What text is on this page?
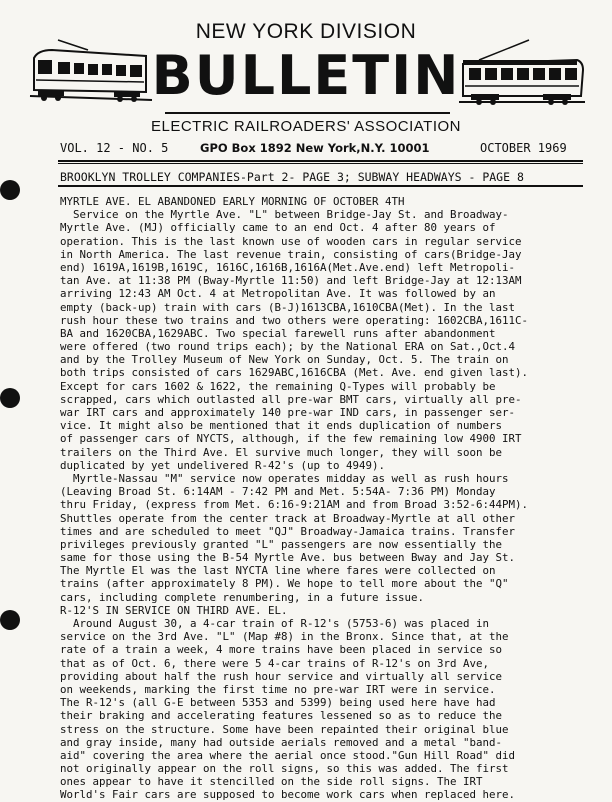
NEW YORK DIVISION
BULLETIN
ELECTRIC RAILROADERS' ASSOCIATION
VOL. 12 - NO. 5	GPO Box 1892 New York,N.Y. 10001	OCTOBER 1969
BROOKLYN TROLLEY COMPANIES-Part 2- PAGE 3; SUBWAY HEADWAYS - PAGE 8
MYRTLE AVE. EL ABANDONED EARLY MORNING OF OCTOBER 4TH
Service on the Myrtle Ave. "L" between Bridge-Jay St. and Broadway-
Myrtle Ave. (MJ) officially came to an end Oct. 4 after 80 years of
operation. This is the last known use of wooden cars in regular service
in North America. The last revenue train, consisting of cars(Bridge-Jay
end) 1619A,1619B,1619C, 1616C,1616B,1616A(Met.Ave.end) left Metropoli-
tan Ave. at 11:38 PM (Bway-Myrtle 11:50) and left Bridge-Jay at 12:13AM
arriving 12:43 AM Oct. 4 at Metropolitan Ave. It was followed by an
empty (back-up) train with cars (B-J)1613CBA,1610CBA(Met). In the last
rush hour these two trains and two others were operating: 1602CBA,1611C-
BA and 1620CBA,1629ABC. Two special farewell runs after abandonment
were offered (two round trips each); by the National ERA on Sat.,Oct.4
and by the Trolley Museum of New York on Sunday, Oct. 5. The train on
both trips consisted of cars 1629ABC,1616CBA (Met. Ave. end given last).
Except for cars 1602 & 1622, the remaining Q-Types will probably be
scrapped, cars which outlasted all pre-war BMT cars, virtually all pre-
war IRT cars and approximately 140 pre-war IND cars, in passenger ser-
vice. It might also be mentioned that it ends duplication of numbers
of passenger cars of NYCTS, although, if the few remaining low 4900 IRT
trailers on the Third Ave. El survive much longer, they will soon be
duplicated by yet undelivered R-42's (up to 4949).
Myrtle-Nassau "M" service now operates midday as well as rush hours
(Leaving Broad St. 6:14AM - 7:42 PM and Met. 5:54A- 7:36 PM) Monday
thru Friday, (express from Met. 6:16-9:21AM and from Broad 3:52-6:44PM).
Shuttles operate from the center track at Broadway-Myrtle at all other
times and are scheduled to meet "QJ" Broadway-Jamaica trains. Transfer
privileges previously granted "L" passengers are now essentially the
same for those using the B-54 Myrtle Ave. bus between Bway and Jay St.
The Myrtle El was the last NYCTA line where fares were collected on
trains (after approximately 8 PM). We hope to tell more about the "Q"
cars, including complete renumbering, in a future issue.
R-12'S IN SERVICE ON THIRD AVE. EL.
Around August 30, a 4-car train of R-12's (5753-6) was placed in
service on the 3rd Ave. "L" (Map #8) in the Bronx. Since that, at the
rate of a train a week, 4 more trains have been placed in service so
that as of Oct. 6, there were 5 4-car trains of R-12's on 3rd Ave,
providing about half the rush hour service and virtually all service
on weekends, marking the first time no pre-war IRT were in service.
The R-12's (all G-E between 5353 and 5399) being used here have had
their braking and accelerating features lessened so as to reduce the
stress on the structure. Some have been repainted their original blue
and gray inside, many had outside aerials removed and a metal "band-
aid" covering the area where the aerial once stood."Gun Hill Road" did
not originally appear on the roll signs, so this was added. The first
ones appear to have it stencilled on the side roll signs. The IRT
World's Fair cars are supposed to become work cars when replaced here.
